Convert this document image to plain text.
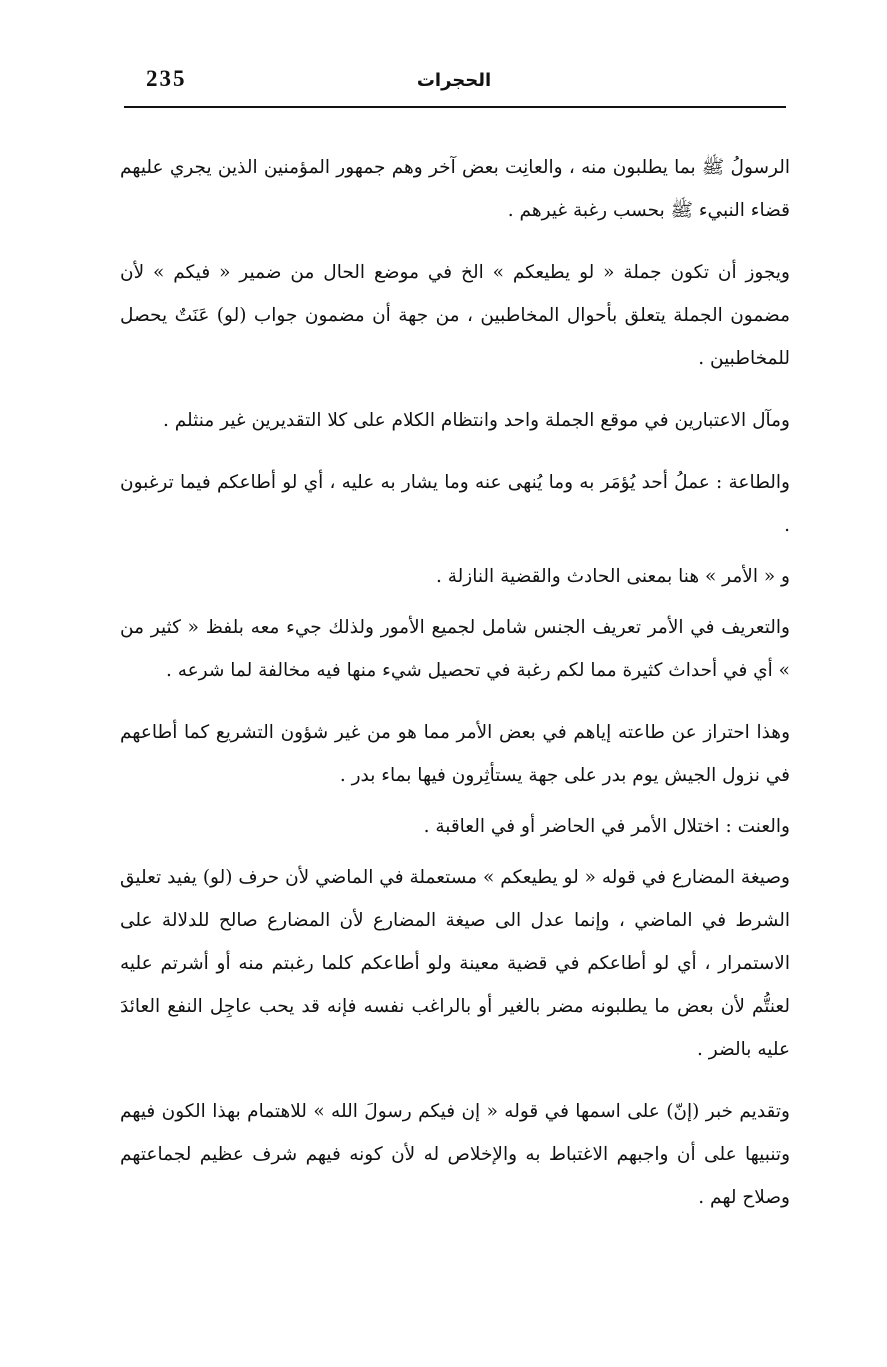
235	الحجرات

الرسولُ ﷺ بما يطلبون منه ، والعانِت بعض آخر وهم جمهور المؤمنين الذين يجري عليهم قضاء النبيء ﷺ بحسب رغبة غيرهم .

ويجوز أن تكون جملة « لو يطيعكم » الخ في موضع الحال من ضمير « فيكم » لأن مضمون الجملة يتعلق بأحوال المخاطبين ، من جهة أن مضمون جواب (لو) عَنَتٌ يحصل للمخاطبين .

ومآل الاعتبارين في موقع الجملة واحد وانتظام الكلام على كلا التقديرين غير منثلم .

والطاعة : عملُ أحد يُؤمَر به وما يُنهى عنه وما يشار به عليه ، أي لو أطاعكم فيما ترغبون .

و « الأمر » هنا بمعنى الحادث والقضية النازلة .

والتعريف في الأمر تعريف الجنس شامل لجميع الأمور ولذلك جيء معه بلفظ « كثير من » أي في أحداث كثيرة مما لكم رغبة في تحصيل شيء منها فيه مخالفة لما شرعه .

وهذا احتراز عن طاعته إياهم في بعض الأمر مما هو من غير شؤون التشريع كما أطاعهم في نزول الجيش يوم بدر على جهة يستأثِرون فيها بماء بدر .

والعنت : اختلال الأمر في الحاضر أو في العاقبة .

وصيغة المضارع في قوله « لو يطيعكم » مستعملة في الماضي لأن حرف (لو) يفيد تعليق الشرط في الماضي ، وإنما عدل الى صيغة المضارع لأن المضارع صالح للدلالة على الاستمرار ، أي لو أطاعكم في قضية معينة ولو أطاعكم كلما رغبتم منه أو أشرتم عليه لعنتُّم لأن بعض ما يطلبونه مضر بالغير أو بالراغب نفسه فإنه قد يحب عاجِل النفع العائدَ عليه بالضر .

وتقديم خبر (إنّ) على اسمها في قوله « إن فيكم رسولَ الله » للاهتمام بهذا الكون فيهم وتنبيها على أن واجبهم الاغتباط به والإخلاص له لأن كونه فيهم شرف عظيم لجماعتهم وصلاح لهم .
